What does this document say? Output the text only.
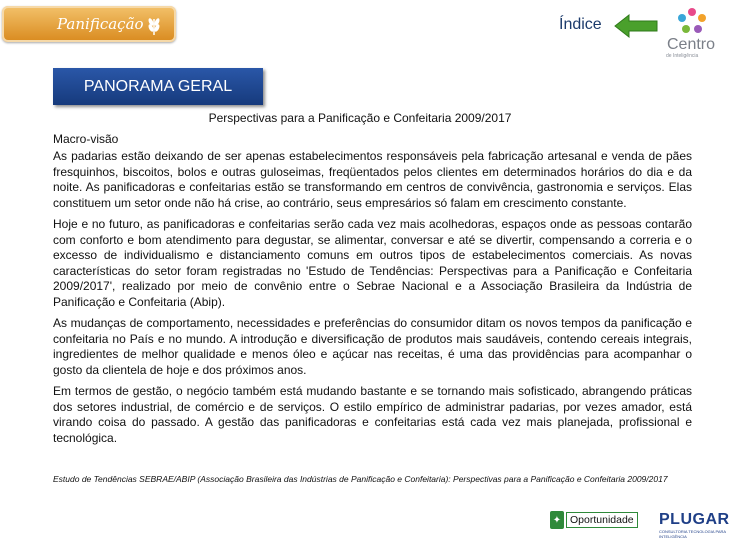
Panificação	Índice
Centro
de Inteligência
PANORAMA GERAL
Perspectivas para a Panificação e Confeitaria 2009/2017
Macro-visão

As padarias estão deixando de ser apenas estabelecimentos responsáveis pela fabricação artesanal e venda de pães fresquinhos, biscoitos, bolos e outras guloseimas, freqüentados pelos clientes em determinados horários do dia e da noite. As panificadoras e confeitarias estão se transformando em centros de convivência, gastronomia e serviços. Elas constituem um setor onde não há crise, ao contrário, seus empresários só falam em crescimento constante.

Hoje e no futuro, as panificadoras e confeitarias serão cada vez mais acolhedoras, espaços onde as pessoas contarão com conforto e bom atendimento para degustar, se alimentar, conversar e até se divertir, compensando a correria e o excesso de individualismo e distanciamento comuns em outros tipos de estabelecimentos comerciais. As novas características do setor foram registradas no 'Estudo de Tendências: Perspectivas para a Panificação e Confeitaria 2009/2017', realizado por meio de convênio entre o Sebrae Nacional e a Associação Brasileira da Indústria de Panificação e Confeitaria (Abip).

As mudanças de comportamento, necessidades e preferências do consumidor ditam os novos tempos da panificação e confeitaria no País e no mundo. A introdução e diversificação de produtos mais saudáveis, contendo cereais integrais, ingredientes de melhor qualidade e menos óleo e açúcar nas receitas, é uma das providências para acompanhar o gosto da clientela de hoje e dos próximos anos.

Em termos de gestão, o negócio também está mudando bastante e se tornando mais sofisticado, abrangendo práticas dos setores industrial, de comércio e de serviços. O estilo empírico de administrar padarias, por vezes amador, está virando coisa do passado. A gestão das panificadoras e confeitarias está cada vez mais planejada, profissional e tecnológica.

Estudo de Tendências SEBRAE/ABIP (Associação Brasileira das Indústrias de Panificação e Confeitaria): Perspectivas para a Panificação e Confeitaria 2009/2017
✦ Oportunidade PLUGAR
CONSULTORIA TECNOLOGIA PARA INTELIGÊNCIA
